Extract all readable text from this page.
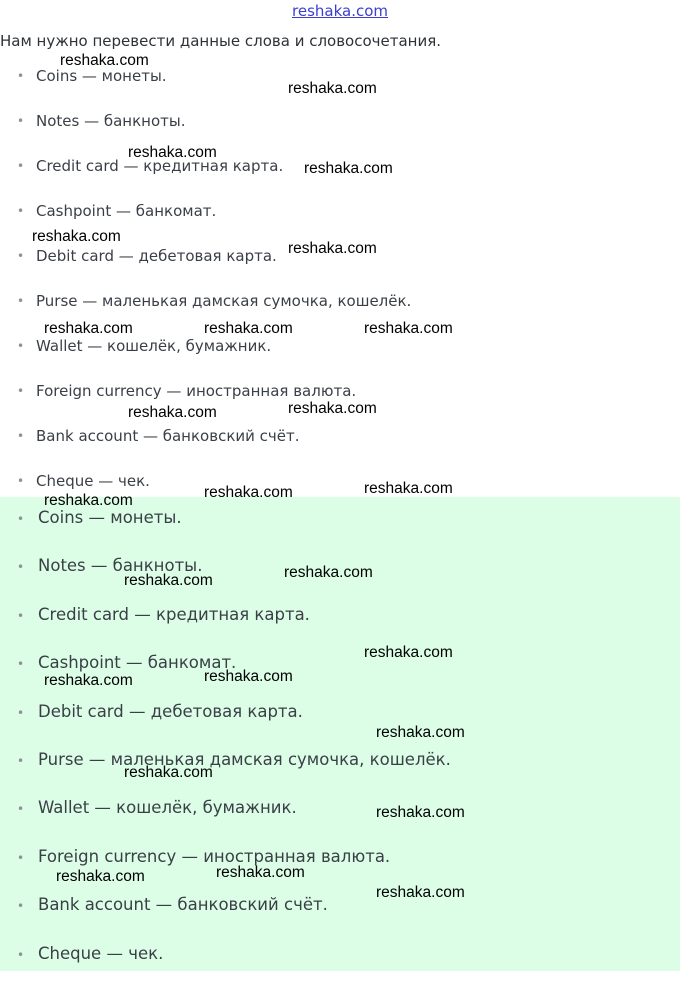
reshaka.com
Нам нужно перевести данные слова и словосочетания.
• Coins — монеты.
• Notes — банкноты.
• Credit card — кредитная карта.
• Cashpoint — банкомат.
• Debit card — дебетовая карта.
• Purse — маленькая дамская сумочка, кошелёк.
• Wallet — кошелёк, бумажник.
• Foreign currency — иностранная валюта.
• Bank account — банковский счёт.
• Cheque — чек.
• Coins — монеты.
• Notes — банкноты.
• Credit card — кредитная карта.
• Cashpoint — банкомат.
• Debit card — дебетовая карта.
• Purse — маленькая дамская сумочка, кошелёк.
• Wallet — кошелёк, бумажник.
• Foreign currency — иностранная валюта.
• Bank account — банковский счёт.
• Cheque — чек.
reshaka.com
reshaka.com
reshaka.com
reshaka.com
reshaka.com
reshaka.com
reshaka.com	reshaka.com	reshaka.com
reshaka.com
reshaka.com
reshaka.com
reshaka.com
reshaka.com
reshaka.com
reshaka.com
reshaka.com
reshaka.com
reshaka.com
reshaka.com
reshaka.com
reshaka.com
reshaka.com
reshaka.com
reshaka.com
